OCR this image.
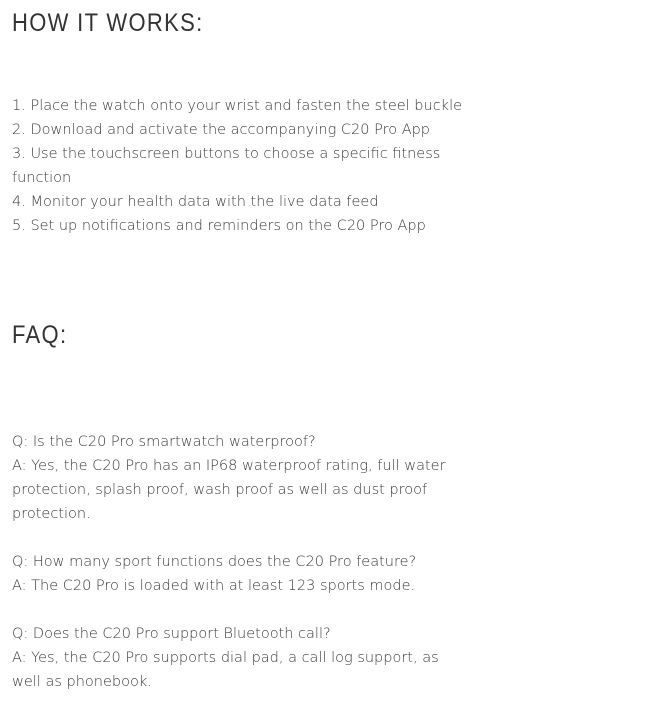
HOW IT WORKS:
1. Place the watch onto your wrist and fasten the steel buckle
2. Download and activate the accompanying C20 Pro App
3. Use the touchscreen buttons to choose a specific fitness function
4. Monitor your health data with the live data feed
5. Set up notifications and reminders on the C20 Pro App
FAQ:

Q: Is the C20 Pro smartwatch waterproof?

A: Yes, the C20 Pro has an IP68 waterproof rating, full water protection, splash proof, wash proof as well as dust proof protection.

Q: How many sport functions does the C20 Pro feature?

A: The C20 Pro is loaded with at least 123 sports mode.

Q: Does the C20 Pro support Bluetooth call?

A: Yes, the C20 Pro supports dial pad, a call log support, as well as phonebook.
